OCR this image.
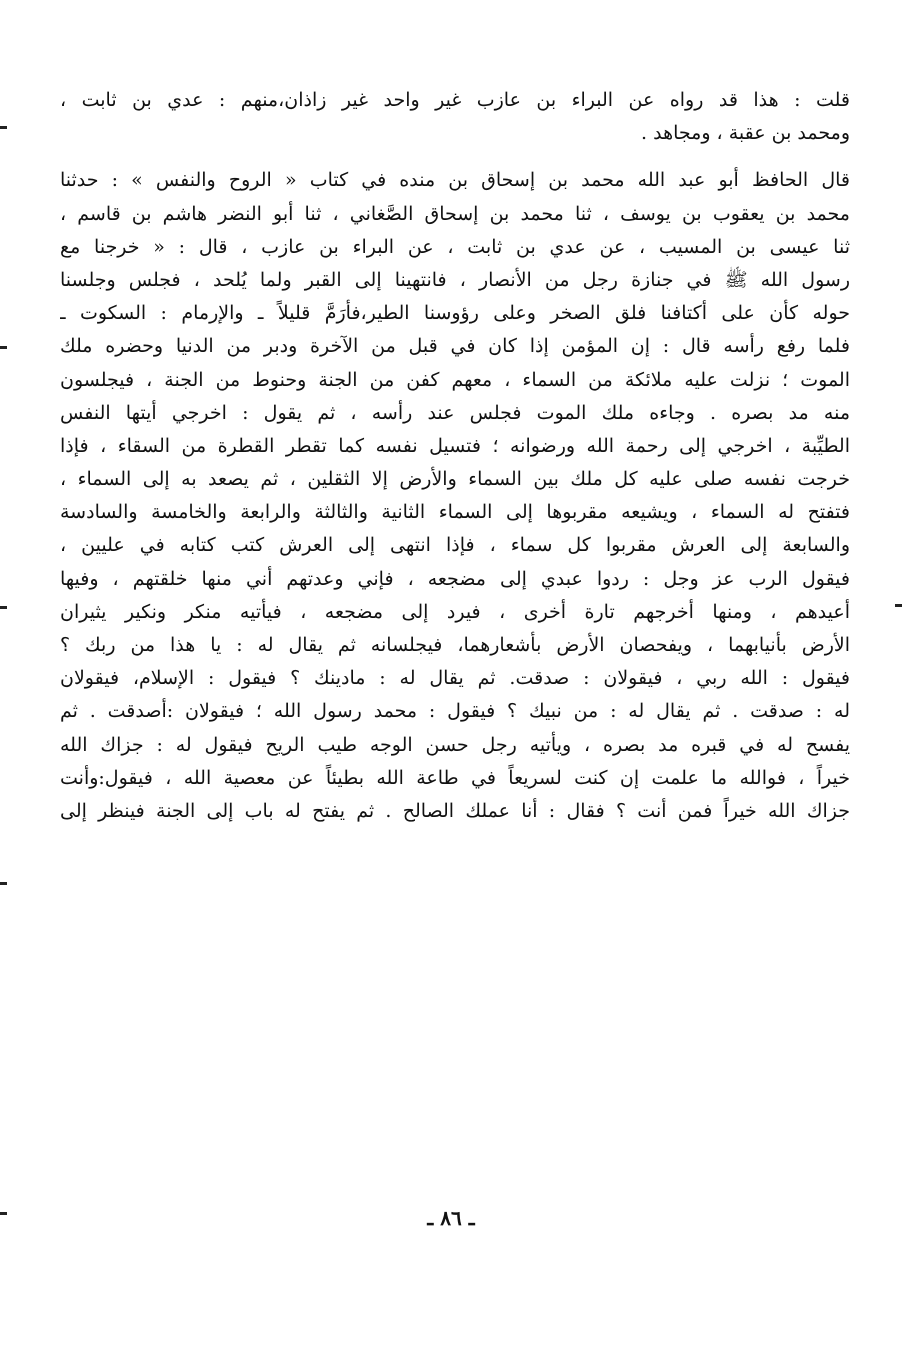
قلت : هذا قد رواه عن البراء بن عازب غير واحد غير زاذان،منهم : عدي بن ثابت ،

ومحمد بن عقبة ، ومجاهد .

قال الحافظ أبو عبد الله محمد بن إسحاق بن منده في كتاب « الروح والنفس » : حدثنا

محمد بن يعقوب بن يوسف ، ثنا محمد بن إسحاق الصَّغاني ، ثنا أبو النضر هاشم بن قاسم ،

ثنا عيسى بن المسيب ، عن عدي بن ثابت ، عن البراء بن عازب ، قال : « خرجنا مع

رسول الله ﷺ في جنازة رجل من الأنصار ، فانتهينا إلى القبر ولما يُلحد ، فجلس وجلسنا

حوله كأن على أكتافنا فلق الصخر وعلى رؤوسنا الطير،فأرَمَّ قليلاً ـ والإرمام : السكوت ـ

فلما رفع رأسه قال : إن المؤمن إذا كان في قبل من الآخرة ودبر من الدنيا وحضره ملك

الموت ؛ نزلت عليه ملائكة من السماء ، معهم كفن من الجنة وحنوط من الجنة ، فيجلسون

منه مد بصره . وجاءه ملك الموت فجلس عند رأسه ، ثم يقول : اخرجي أيتها النفس

الطيِّبة ، اخرجي إلى رحمة الله ورضوانه ؛ فتسيل نفسه كما تقطر القطرة من السقاء ، فإذا

خرجت نفسه صلى عليه كل ملك بين السماء والأرض إلا الثقلين ، ثم يصعد به إلى السماء ،

فتفتح له السماء ، ويشيعه مقربوها إلى السماء الثانية والثالثة والرابعة والخامسة والسادسة

والسابعة إلى العرش مقربوا كل سماء ، فإذا انتهى إلى العرش كتب كتابه في عليين ،

فيقول الرب عز وجل : ردوا عبدي إلى مضجعه ، فإني وعدتهم أني منها خلقتهم ، وفيها

أعيدهم ، ومنها أخرجهم تارة أخرى ، فيرد إلى مضجعه ، فيأتيه منكر ونكير يثيران

الأرض بأنيابهما ، ويفحصان الأرض بأشعارهما، فيجلسانه ثم يقال له : يا هذا من ربك ؟

فيقول : الله ربي ، فيقولان : صدقت. ثم يقال له : مادينك ؟ فيقول : الإسلام، فيقولان

له : صدقت . ثم يقال له : من نبيك ؟ فيقول : محمد رسول الله ؛ فيقولان :أصدقت . ثم

يفسح له في قبره مد بصره ، ويأتيه رجل حسن الوجه طيب الريح فيقول له : جزاك الله

خيراً ، فوالله ما علمت إن كنت لسريعاً في طاعة الله بطيئاً عن معصية الله ، فيقول:وأنت

جزاك الله خيراً فمن أنت ؟ فقال : أنا عملك الصالح . ثم يفتح له باب إلى الجنة فينظر إلى

ـ ٨٦ ـ
